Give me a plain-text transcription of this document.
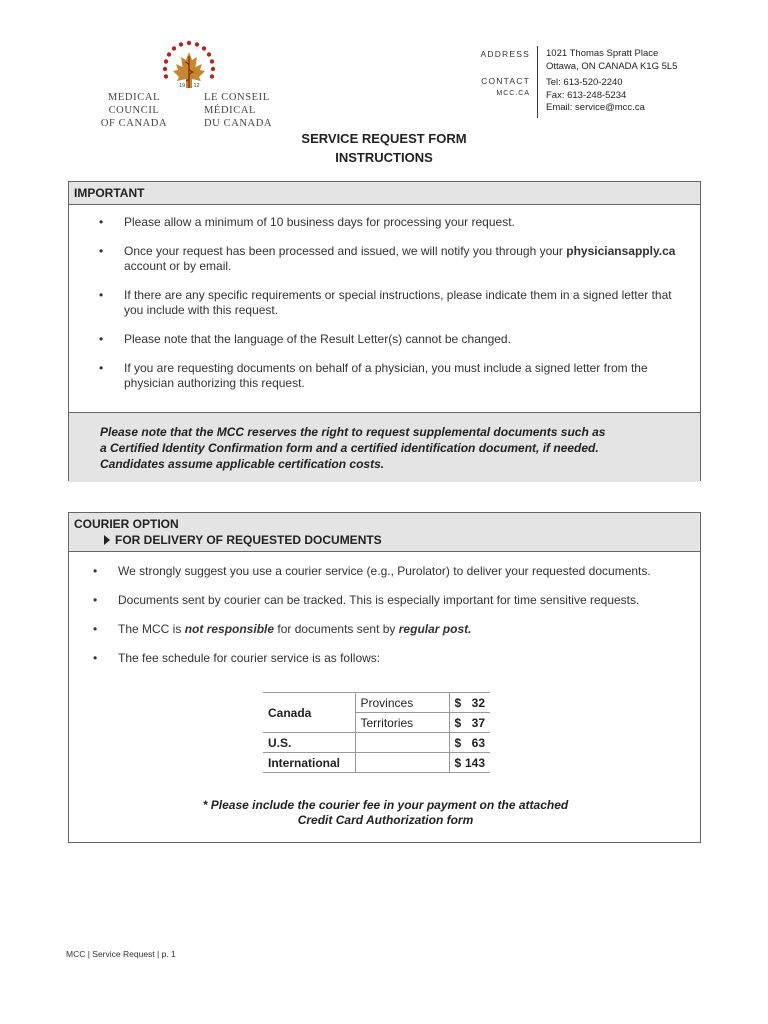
19 12
MEDICAL COUNCIL
OF CANADA
LE CONSEIL MÉDICAL
DU CANADA
ADDRESS
CONTACT
MCC.CA
1021 Thomas Spratt Place
Ottawa, ON CANADA K1G 5L5
Tel: 613-520-2240
Fax: 613-248-5234
Email: service@mcc.ca
SERVICE REQUEST FORM
INSTRUCTIONS
IMPORTANT
• Please allow a minimum of 10 business days for processing your request.
• Once your request has been processed and issued, we will notify you through your physiciansapply.ca account or by email.
• If there are any specific requirements or special instructions, please indicate them in a signed letter that you include with this request.
• Please note that the language of the Result Letter(s) cannot be changed.
• If you are requesting documents on behalf of a physician, you must include a signed letter from the physician authorizing this request.
Please note that the MCC reserves the right to request supplemental documents such as
a Certified Identity Confirmation form and a certified identification document, if needed.
Candidates assume applicable certification costs.
COURIER OPTION
FOR DELIVERY OF REQUESTED DOCUMENTS
• We strongly suggest you use a courier service (e.g., Purolator) to deliver your requested documents.
• Documents sent by courier can be tracked. This is especially important for time sensitive requests.
• The MCC is not responsible for documents sent by regular post.
• The fee schedule for courier service is as follows:
Canada	Provinces	$ 32
	Territories	$ 37
U.S.		$ 63
International		$ 143
* Please include the courier fee in your payment on the attached
Credit Card Authorization form
MCC | Service Request | p. 1
